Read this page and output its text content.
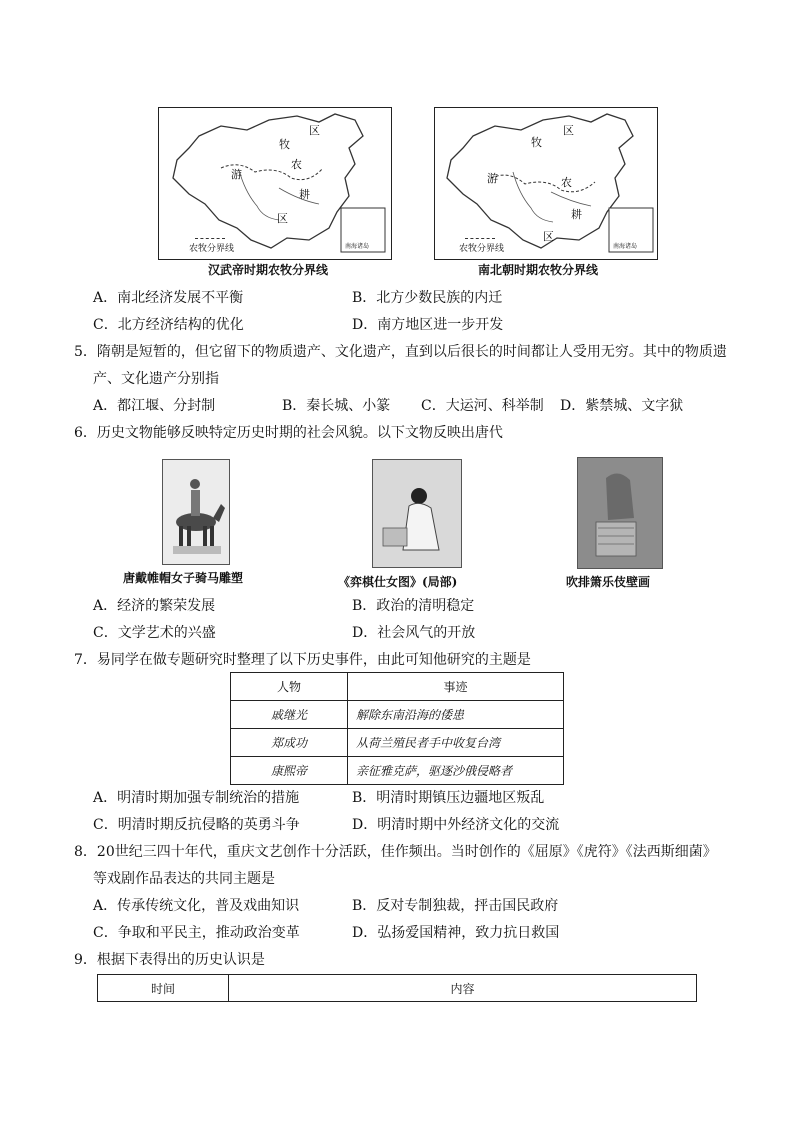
区
牧
农
游
耕
区
南海诸岛
农牧分界线
汉武帝时期农牧分界线
区
牧
游	农
耕
区
南海诸岛
农牧分界线
南北朝时期农牧分界线
A．南北经济发展不平衡	B．北方少数民族的内迁
C．北方经济结构的优化	D．南方地区进一步开发
5．隋朝是短暂的，但它留下的物质遗产、文化遗产，直到以后很长的时间都让人受用无穷。其中的物质遗
产、文化遗产分别指
A．都江堰、分封制	B．秦长城、小篆 C．大运河、科举制 D．紫禁城、文字狱
6．历史文物能够反映特定历史时期的社会风貌。以下文物反映出唐代
唐戴帷帽女子骑马雕塑	《弈棋仕女图》(局部)	吹排箫乐伎壁画
A．经济的繁荣发展	B．政治的清明稳定
C．文学艺术的兴盛	D．社会风气的开放
7．易同学在做专题研究时整理了以下历史事件，由此可知他研究的主题是
人物	事迹
戚继光	解除东南沿海的倭患
郑成功	从荷兰殖民者手中收复台湾
康熙帝	亲征雅克萨，驱逐沙俄侵略者
A．明清时期加强专制统治的措施	B．明清时期镇压边疆地区叛乱
C．明清时期反抗侵略的英勇斗争	D．明清时期中外经济文化的交流
8．20世纪三四十年代，重庆文艺创作十分活跃，佳作频出。当时创作的《屈原》《虎符》《法西斯细菌》
等戏剧作品表达的共同主题是
A．传承传统文化，普及戏曲知识	B．反对专制独裁，抨击国民政府
C．争取和平民主，推动政治变革	D．弘扬爱国精神，致力抗日救国
9．根据下表得出的历史认识是
时间	内容
